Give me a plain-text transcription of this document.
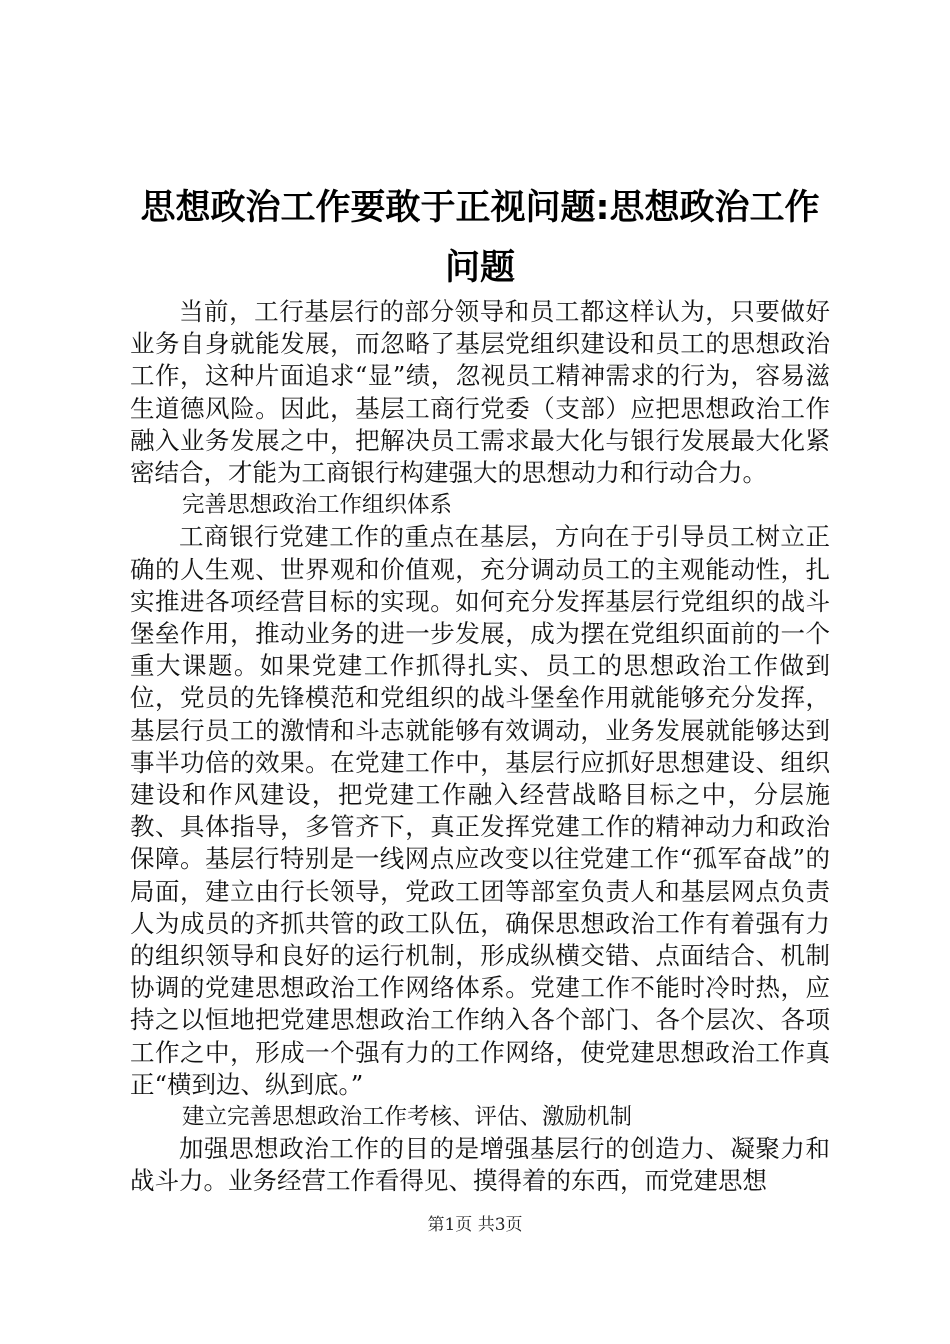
思想政治工作要敢于正视问题:思想政治工作
问题

当前，工行基层行的部分领导和员工都这样认为，只要做好业务自身就能发展，而忽略了基层党组织建设和员工的思想政治工作，这种片面追求“显”绩，忽视员工精神需求的行为，容易滋生道德风险。因此，基层工商行党委（支部）应把思想政治工作融入业务发展之中，把解决员工需求最大化与银行发展最大化紧密结合，才能为工商银行构建强大的思想动力和行动合力。

完善思想政治工作组织体系

工商银行党建工作的重点在基层，方向在于引导员工树立正确的人生观、世界观和价值观，充分调动员工的主观能动性，扎实推进各项经营目标的实现。如何充分发挥基层行党组织的战斗堡垒作用，推动业务的进一步发展，成为摆在党组织面前的一个重大课题。如果党建工作抓得扎实、员工的思想政治工作做到位，党员的先锋模范和党组织的战斗堡垒作用就能够充分发挥，基层行员工的激情和斗志就能够有效调动，业务发展就能够达到事半功倍的效果。在党建工作中，基层行应抓好思想建设、组织建设和作风建设，把党建工作融入经营战略目标之中，分层施教、具体指导，多管齐下，真正发挥党建工作的精神动力和政治保障。基层行特别是一线网点应改变以往党建工作“孤军奋战”的局面，建立由行长领导，党政工团等部室负责人和基层网点负责人为成员的齐抓共管的政工队伍，确保思想政治工作有着强有力的组织领导和良好的运行机制，形成纵横交错、点面结合、机制协调的党建思想政治工作网络体系。党建工作不能时冷时热，应持之以恒地把党建思想政治工作纳入各个部门、各个层次、各项工作之中，形成一个强有力的工作网络，使党建思想政治工作真正“横到边、纵到底。”

建立完善思想政治工作考核、评估、激励机制

加强思想政治工作的目的是增强基层行的创造力、凝聚力和战斗力。业务经营工作看得见、摸得着的东西，而党建思想

第1页 共3页
